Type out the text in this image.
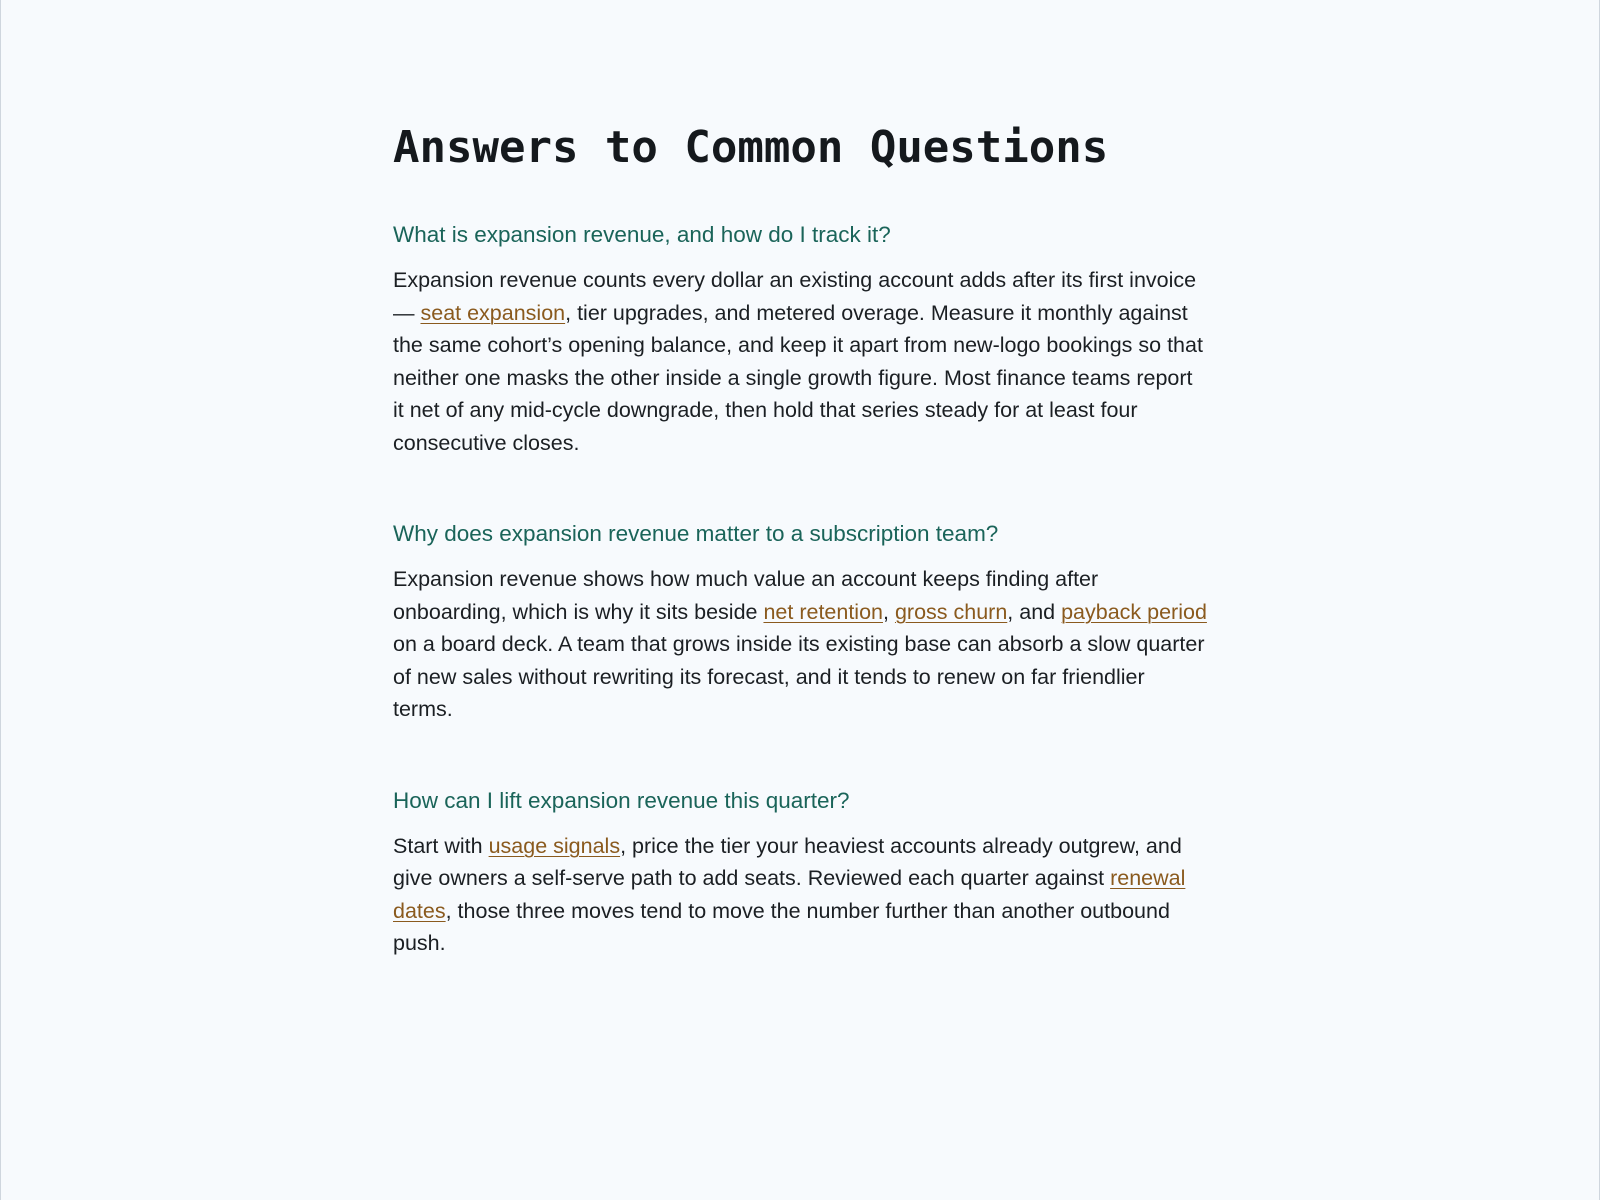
Answers to Common Questions
What is expansion revenue, and how do I track it?

Expansion revenue counts every dollar an existing account adds after its first invoice — seat expansion, tier upgrades, and metered overage. Measure it monthly against the same cohort’s opening balance, and keep it apart from new-logo bookings so that neither one masks the other inside a single growth figure. Most finance teams report it net of any mid-cycle downgrade, then hold that series steady for at least four consecutive closes.

Why does expansion revenue matter to a subscription team?

Expansion revenue shows how much value an account keeps finding after onboarding, which is why it sits beside net retention, gross churn, and payback period on a board deck. A team that grows inside its existing base can absorb a slow quarter of new sales without rewriting its forecast, and it tends to renew on far friendlier terms.

How can I lift expansion revenue this quarter?

Start with usage signals, price the tier your heaviest accounts already outgrew, and give owners a self-serve path to add seats. Reviewed each quarter against renewal dates, those three moves tend to move the number further than another outbound push.
